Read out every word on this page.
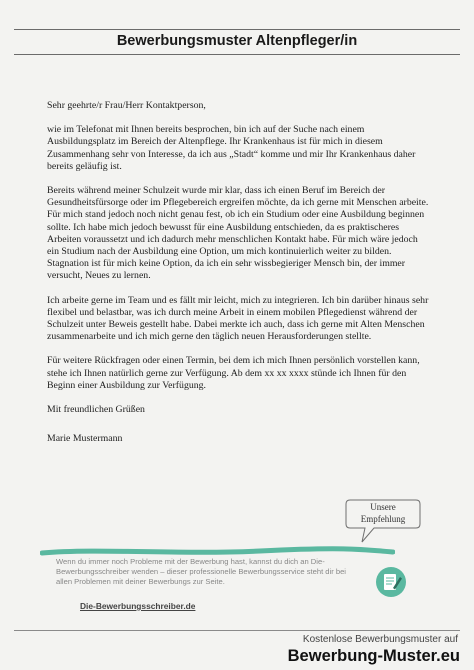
Bewerbungsmuster Altenpfleger/in

Sehr geehrte/r Frau/Herr Kontaktperson,

wie im Telefonat mit Ihnen bereits besprochen, bin ich auf der Suche nach einem Ausbildungsplatz im Bereich der Altenpflege. Ihr Krankenhaus ist für mich in diesem Zusammenhang sehr von Interesse, da ich aus „Stadt“ komme und mir Ihr Krankenhaus daher bereits geläufig ist.

Bereits während meiner Schulzeit wurde mir klar, dass ich einen Beruf im Bereich der Gesundheitsfürsorge oder im Pflegebereich ergreifen möchte, da ich gerne mit Menschen arbeite. Für mich stand jedoch noch nicht genau fest, ob ich ein Studium oder eine Ausbildung beginnen sollte. Ich habe mich jedoch bewusst für eine Ausbildung entschieden, da es praktischeres Arbeiten voraussetzt und ich dadurch mehr menschlichen Kontakt habe. Für mich wäre jedoch ein Studium nach der Ausbildung eine Option, um mich kontinuierlich weiter zu bilden. Stagnation ist für mich keine Option, da ich ein sehr wissbegieriger Mensch bin, der immer versucht, Neues zu lernen.

Ich arbeite gerne im Team und es fällt mir leicht, mich zu integrieren. Ich bin darüber hinaus sehr flexibel und belastbar, was ich durch meine Arbeit in einem mobilen Pflegedienst während der Schulzeit unter Beweis gestellt habe. Dabei merkte ich auch, dass ich gerne mit Alten Menschen zusammenarbeite und ich mich gerne den täglich neuen Herausforderungen stellte.

Für weitere Rückfragen oder einen Termin, bei dem ich mich Ihnen persönlich vorstellen kann, stehe ich Ihnen natürlich gerne zur Verfügung. Ab dem xx xx xxxx stünde ich Ihnen für den Beginn einer Ausbildung zur Verfügung.

Mit freundlichen Grüßen

Marie Mustermann

Unsere
Empfehlung
Wenn du immer noch Probleme mit der Bewerbung hast, kannst du dich an Die-Bewerbungsschreiber wenden – dieser professionelle Bewerbungsservice steht dir bei allen Problemen mit deiner Bewerbungs zur Seite.
Die-Bewerbungsschreiber.de
Kostenlose Bewerbungsmuster auf
Bewerbung-Muster.eu
